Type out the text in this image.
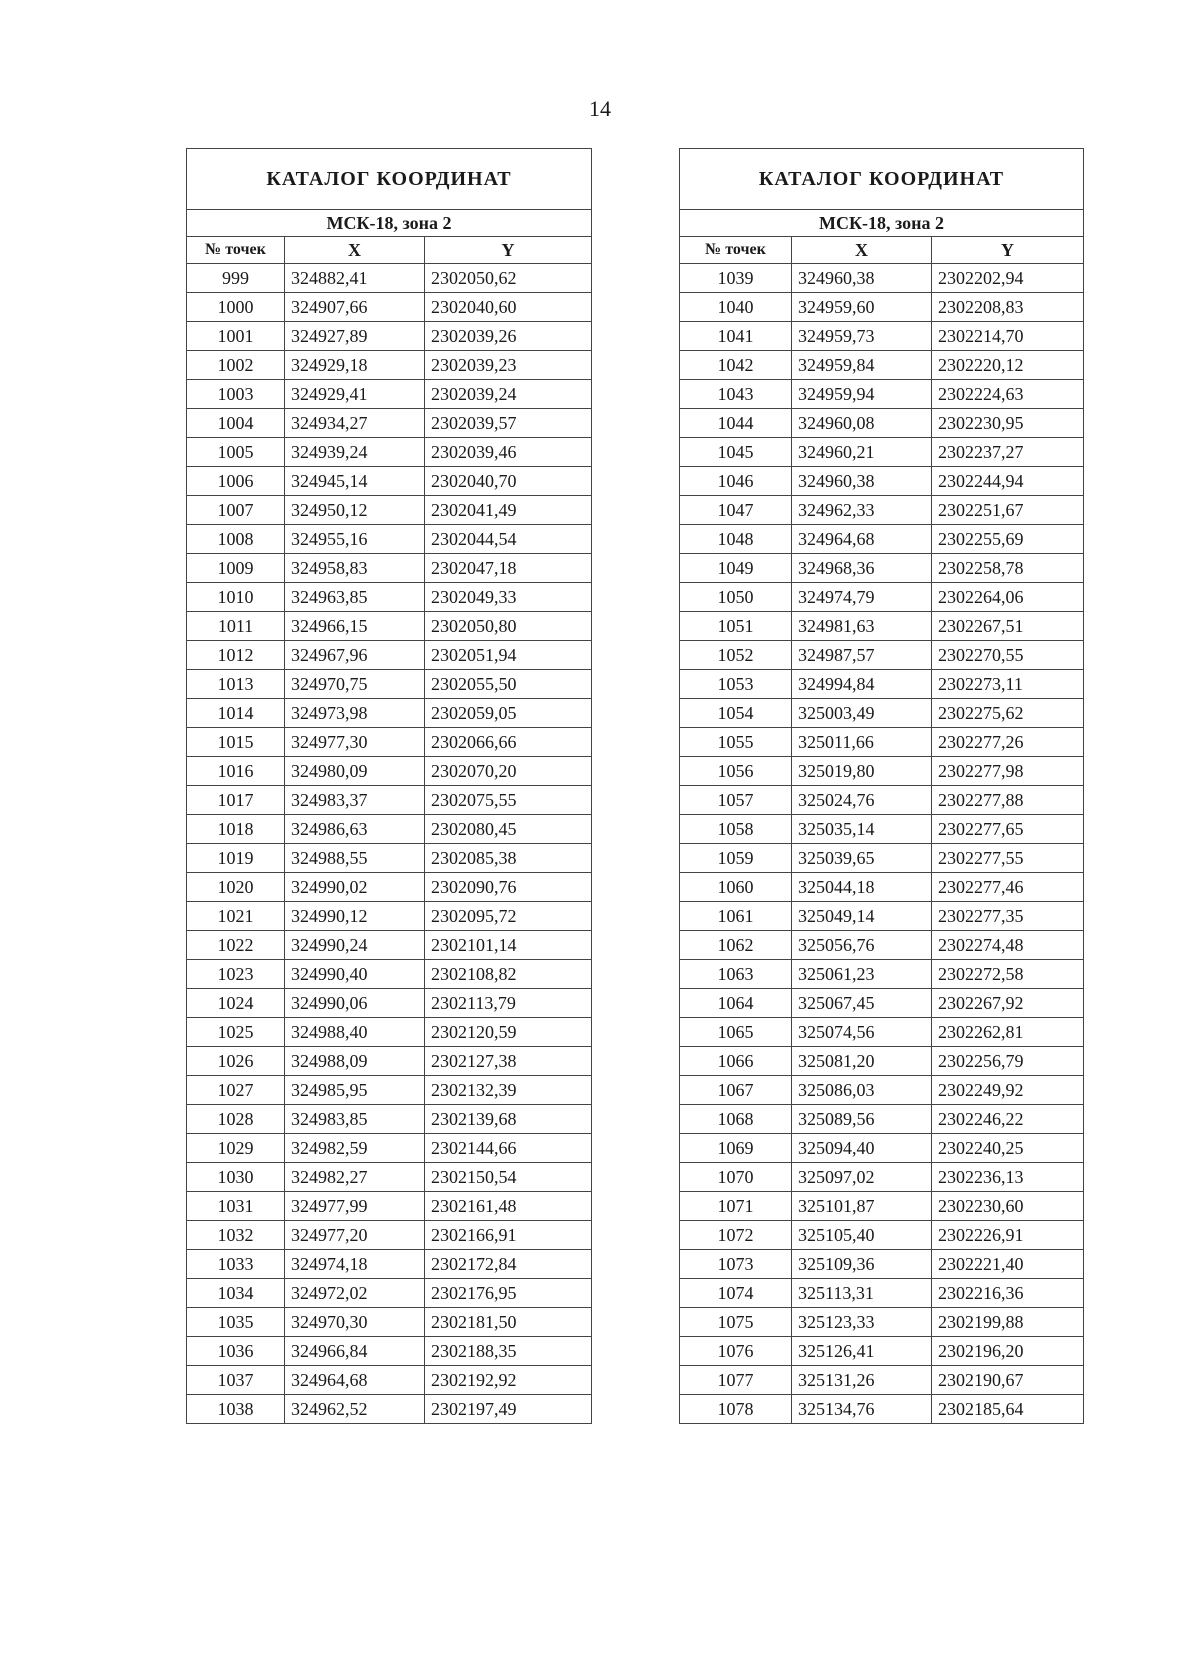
14
КАТАЛОГ КООРДИНАТ		
МСК-18, зона 2		
№ точек	X	Y
999	324882,41	2302050,62
1000	324907,66	2302040,60
1001	324927,89	2302039,26
1002	324929,18	2302039,23
1003	324929,41	2302039,24
1004	324934,27	2302039,57
1005	324939,24	2302039,46
1006	324945,14	2302040,70
1007	324950,12	2302041,49
1008	324955,16	2302044,54
1009	324958,83	2302047,18
1010	324963,85	2302049,33
1011	324966,15	2302050,80
1012	324967,96	2302051,94
1013	324970,75	2302055,50
1014	324973,98	2302059,05
1015	324977,30	2302066,66
1016	324980,09	2302070,20
1017	324983,37	2302075,55
1018	324986,63	2302080,45
1019	324988,55	2302085,38
1020	324990,02	2302090,76
1021	324990,12	2302095,72
1022	324990,24	2302101,14
1023	324990,40	2302108,82
1024	324990,06	2302113,79
1025	324988,40	2302120,59
1026	324988,09	2302127,38
1027	324985,95	2302132,39
1028	324983,85	2302139,68
1029	324982,59	2302144,66
1030	324982,27	2302150,54
1031	324977,99	2302161,48
1032	324977,20	2302166,91
1033	324974,18	2302172,84
1034	324972,02	2302176,95
1035	324970,30	2302181,50
1036	324966,84	2302188,35
1037	324964,68	2302192,92
1038	324962,52	2302197,49
КАТАЛОГ КООРДИНАТ		
МСК-18, зона 2		
№ точек	X	Y
1039	324960,38	2302202,94
1040	324959,60	2302208,83
1041	324959,73	2302214,70
1042	324959,84	2302220,12
1043	324959,94	2302224,63
1044	324960,08	2302230,95
1045	324960,21	2302237,27
1046	324960,38	2302244,94
1047	324962,33	2302251,67
1048	324964,68	2302255,69
1049	324968,36	2302258,78
1050	324974,79	2302264,06
1051	324981,63	2302267,51
1052	324987,57	2302270,55
1053	324994,84	2302273,11
1054	325003,49	2302275,62
1055	325011,66	2302277,26
1056	325019,80	2302277,98
1057	325024,76	2302277,88
1058	325035,14	2302277,65
1059	325039,65	2302277,55
1060	325044,18	2302277,46
1061	325049,14	2302277,35
1062	325056,76	2302274,48
1063	325061,23	2302272,58
1064	325067,45	2302267,92
1065	325074,56	2302262,81
1066	325081,20	2302256,79
1067	325086,03	2302249,92
1068	325089,56	2302246,22
1069	325094,40	2302240,25
1070	325097,02	2302236,13
1071	325101,87	2302230,60
1072	325105,40	2302226,91
1073	325109,36	2302221,40
1074	325113,31	2302216,36
1075	325123,33	2302199,88
1076	325126,41	2302196,20
1077	325131,26	2302190,67
1078	325134,76	2302185,64
